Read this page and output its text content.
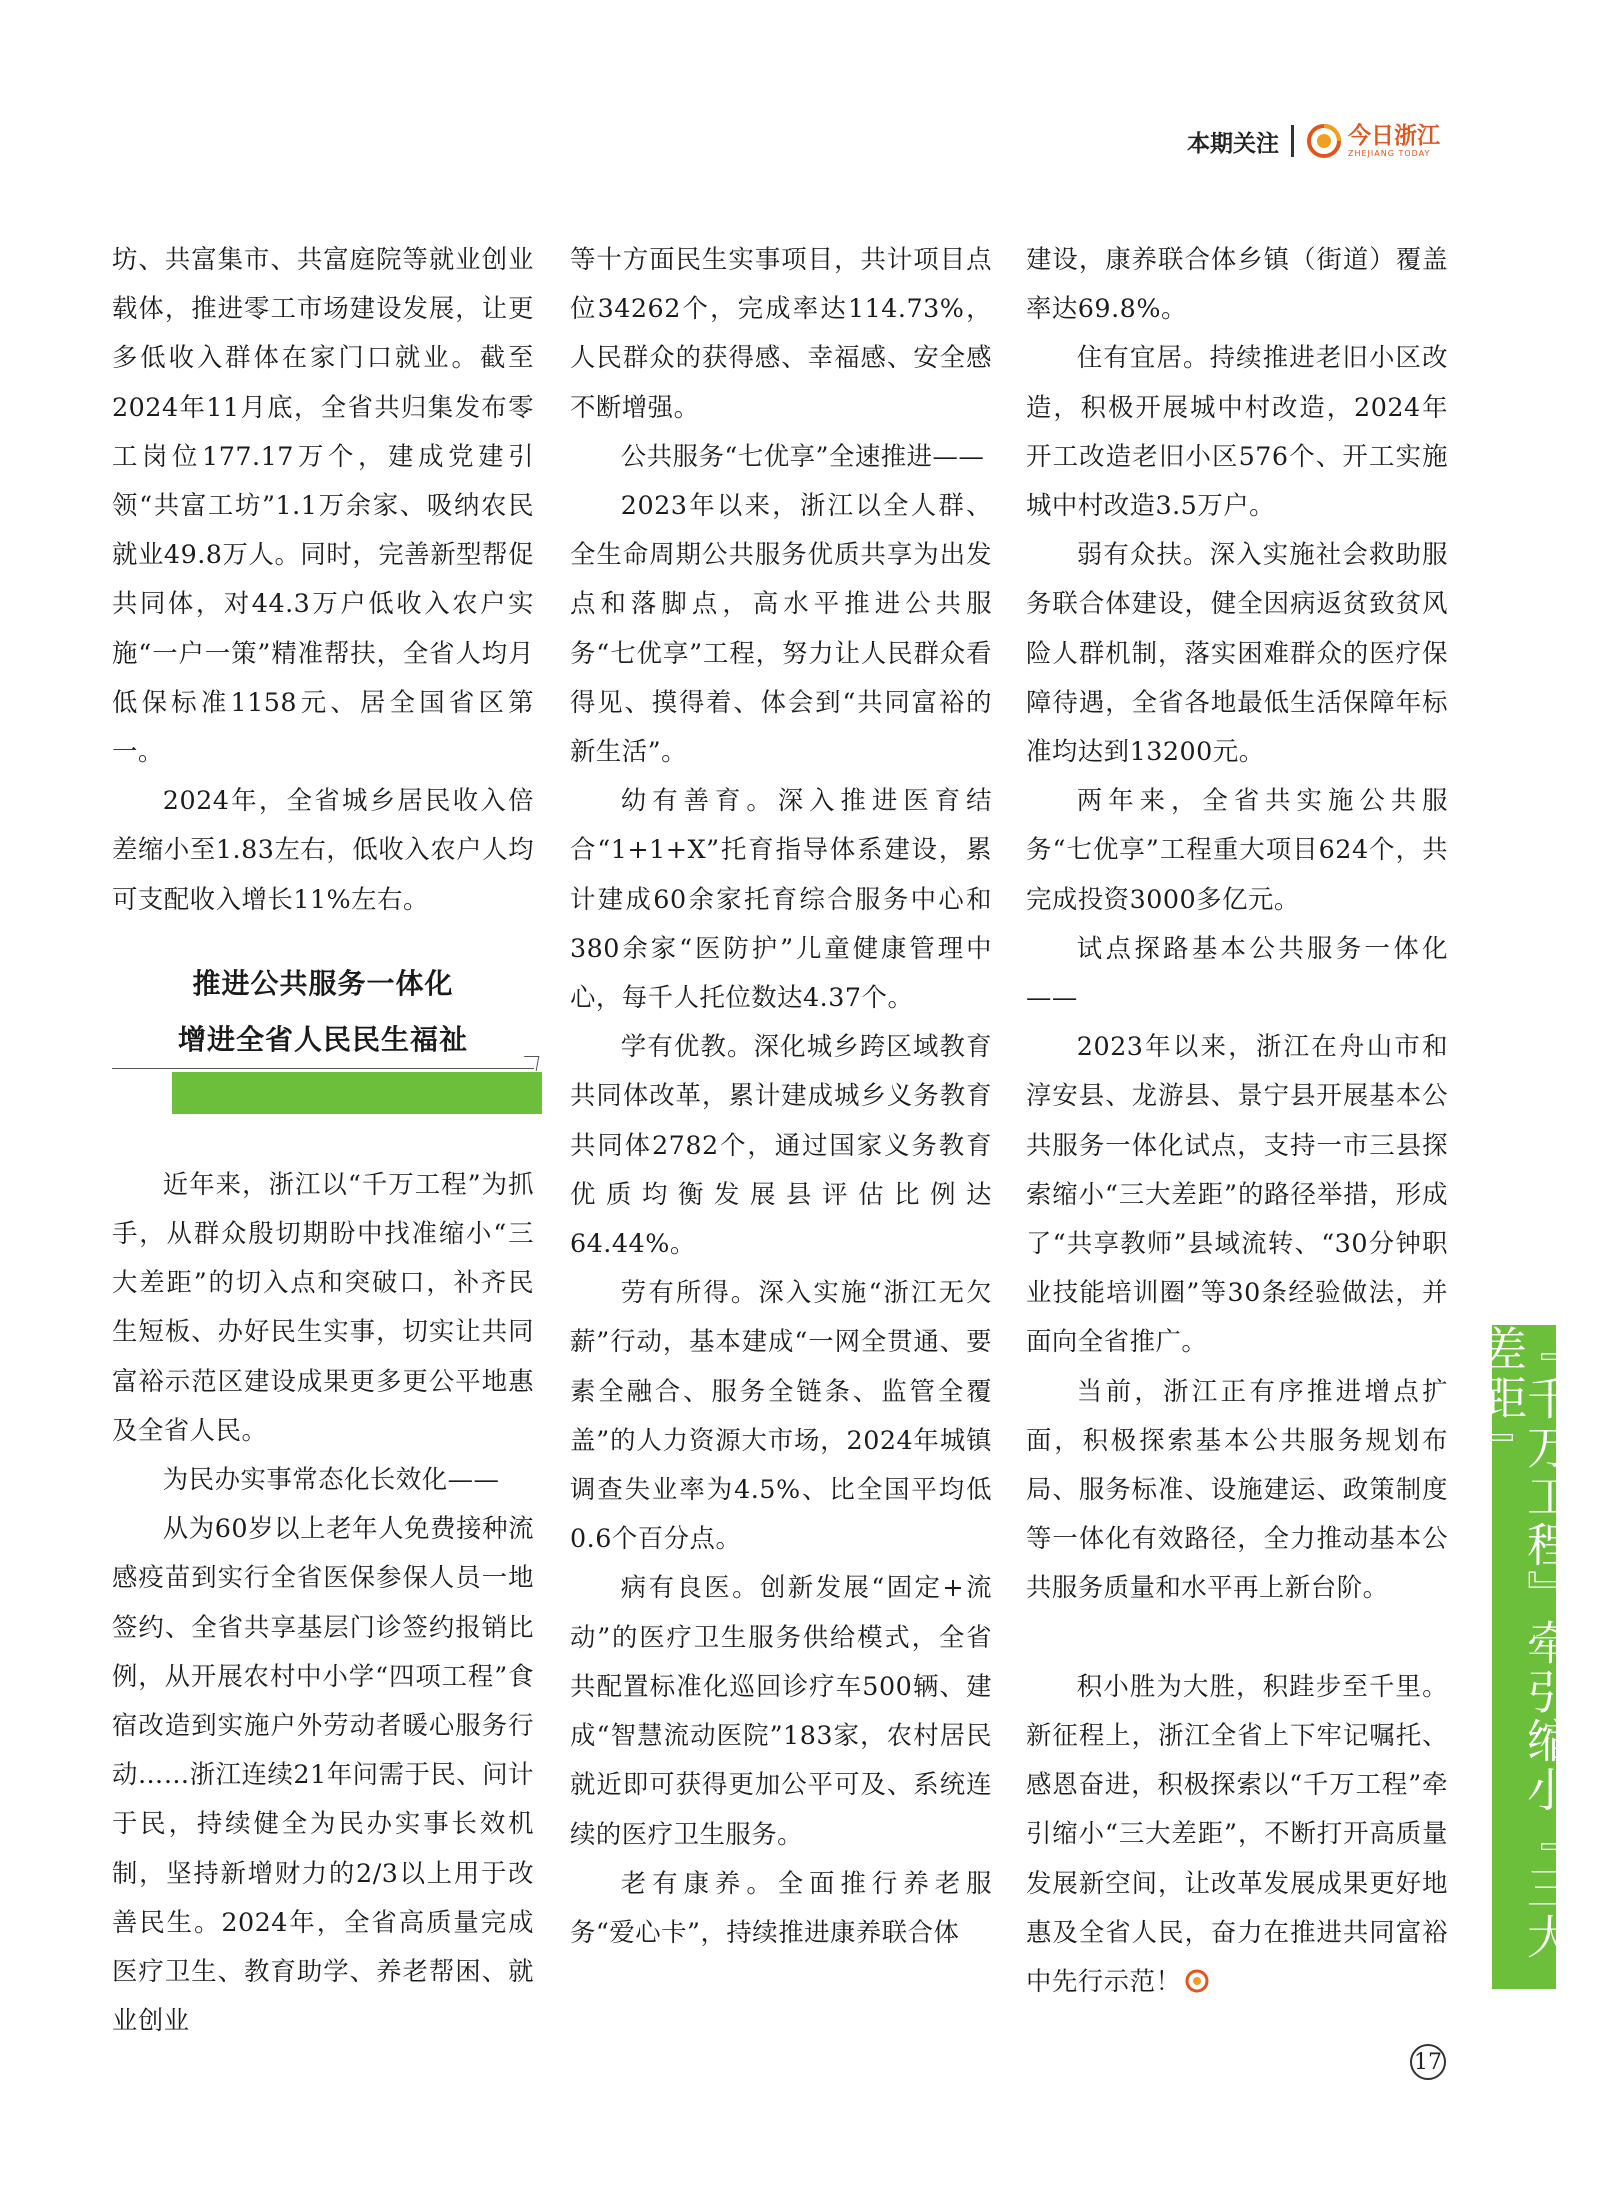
本期关注	今日浙江
ZHEJIANG TODAY

坊、共富集市、共富庭院等就业创业载体，推进零工市场建设发展，让更多低收入群体在家门口就业。截至2024年11月底，全省共归集发布零工岗位177.17万个，建成党建引领“共富工坊”1.1万余家、吸纳农民就业49.8万人。同时，完善新型帮促共同体，对44.3万户低收入农户实施“一户一策”精准帮扶，全省人均月低保标准1158元、居全国省区第一。

2024年，全省城乡居民收入倍差缩小至1.83左右，低收入农户人均可支配收入增长11%左右。

推进公共服务一体化
增进全省人民民生福祉

近年来，浙江以“千万工程”为抓手，从群众殷切期盼中找准缩小“三大差距”的切入点和突破口，补齐民生短板、办好民生实事，切实让共同富裕示范区建设成果更多更公平地惠及全省人民。

为民办实事常态化长效化——

从为60岁以上老年人免费接种流感疫苗到实行全省医保参保人员一地签约、全省共享基层门诊签约报销比例，从开展农村中小学“四项工程”食宿改造到实施户外劳动者暖心服务行动……浙江连续21年问需于民、问计于民，持续健全为民办实事长效机制，坚持新增财力的2/3以上用于改善民生。2024年，全省高质量完成医疗卫生、教育助学、养老帮困、就业创业

等十方面民生实事项目，共计项目点位34262个，完成率达114.73%，人民群众的获得感、幸福感、安全感不断增强。

公共服务“七优享”全速推进——

2023年以来，浙江以全人群、全生命周期公共服务优质共享为出发点和落脚点，高水平推进公共服务“七优享”工程，努力让人民群众看得见、摸得着、体会到“共同富裕的新生活”。

幼有善育。深入推进医育结合“1+1+X”托育指导体系建设，累计建成60余家托育综合服务中心和380余家“医防护”儿童健康管理中心，每千人托位数达4.37个。

学有优教。深化城乡跨区域教育共同体改革，累计建成城乡义务教育共同体2782个，通过国家义务教育优质均衡发展县评估比例达64.44%。

劳有所得。深入实施“浙江无欠薪”行动，基本建成“一网全贯通、要素全融合、服务全链条、监管全覆盖”的人力资源大市场，2024年城镇调查失业率为4.5%、比全国平均低0.6个百分点。

病有良医。创新发展“固定+流动”的医疗卫生服务供给模式，全省共配置标准化巡回诊疗车500辆、建成“智慧流动医院”183家，农村居民就近即可获得更加公平可及、系统连续的医疗卫生服务。

老有康养。全面推行养老服务“爱心卡”，持续推进康养联合体

建设，康养联合体乡镇（街道）覆盖率达69.8%。

住有宜居。持续推进老旧小区改造，积极开展城中村改造，2024年开工改造老旧小区576个、开工实施城中村改造3.5万户。

弱有众扶。深入实施社会救助服务联合体建设，健全因病返贫致贫风险人群机制，落实困难群众的医疗保障待遇，全省各地最低生活保障年标准均达到13200元。

两年来，全省共实施公共服务“七优享”工程重大项目624个，共完成投资3000多亿元。

试点探路基本公共服务一体化——

2023年以来，浙江在舟山市和淳安县、龙游县、景宁县开展基本公共服务一体化试点，支持一市三县探索缩小“三大差距”的路径举措，形成了“共享教师”县域流转、“30分钟职业技能培训圈”等30条经验做法，并面向全省推广。

当前，浙江正有序推进增点扩面，积极探索基本公共服务规划布局、服务标准、设施建运、政策制度等一体化有效路径，全力推动基本公共服务质量和水平再上新台阶。

积小胜为大胜，积跬步至千里。新征程上，浙江全省上下牢记嘱托、感恩奋进，积极探索以“千万工程”牵引缩小“三大差距”，不断打开高质量发展新空间，让改革发展成果更好地惠及全省人民，奋力在推进共同富裕中先行示范！

『千万工程』牵引缩小『三大差距』
17
